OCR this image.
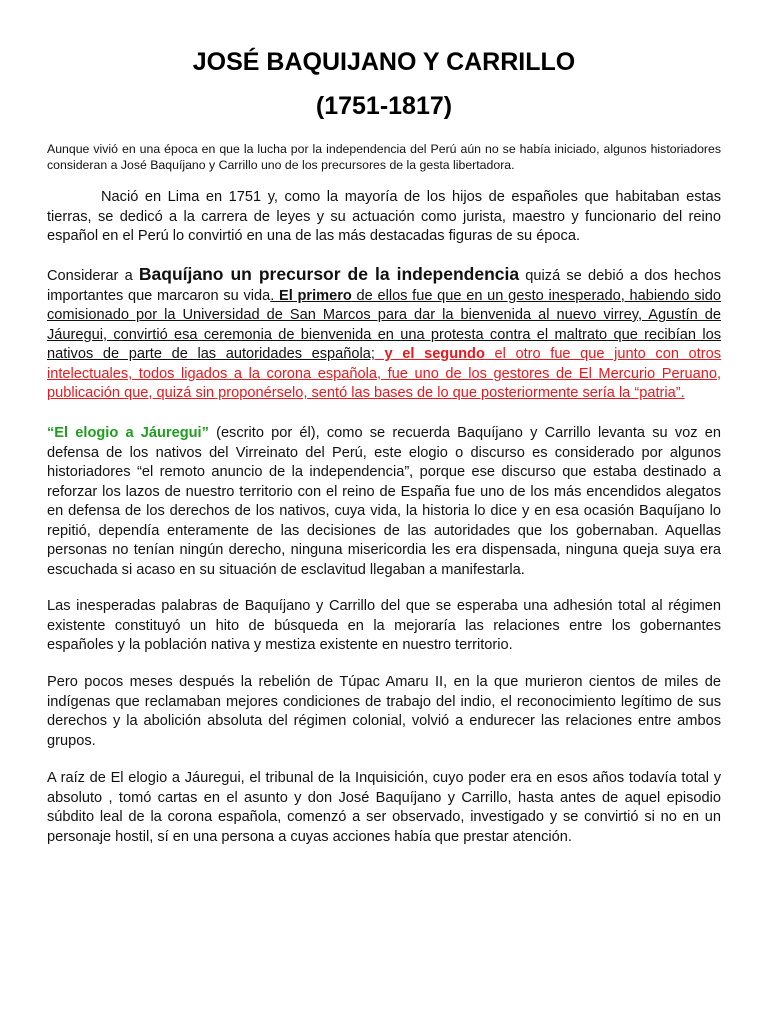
JOSÉ BAQUIJANO Y CARRILLO
(1751-1817)
Aunque vivió en una época en que la lucha por la independencia del Perú aún no se había iniciado, algunos historiadores consideran a José Baquíjano y Carrillo uno de los precursores de la gesta libertadora.
Nació en Lima en 1751 y, como la mayoría de los hijos de españoles que habitaban estas tierras, se dedicó a la carrera de leyes y su actuación como jurista, maestro y funcionario del reino español en el Perú lo convirtió en una de las más destacadas figuras de su época.
Considerar a Baquíjano un precursor de la independencia quizá se debió a dos hechos importantes que marcaron su vida. El primero de ellos fue que en un gesto inesperado, habiendo sido comisionado por la Universidad de San Marcos para dar la bienvenida al nuevo virrey, Agustín de Jáuregui, convirtió esa ceremonia de bienvenida en una protesta contra el maltrato que recibían los nativos de parte de las autoridades española; y el segundo el otro fue que junto con otros intelectuales, todos ligados a la corona española, fue uno de los gestores de El Mercurio Peruano, publicación que, quizá sin proponérselo, sentó las bases de lo que posteriormente sería la “patria”.
“El elogio a Jáuregui” (escrito por él), como se recuerda Baquíjano y Carrillo levanta su voz en defensa de los nativos del Virreinato del Perú, este elogio o discurso es considerado por algunos historiadores “el remoto anuncio de la independencia”, porque ese discurso que estaba destinado a reforzar los lazos de nuestro territorio con el reino de España fue uno de los más encendidos alegatos en defensa de los derechos de los nativos, cuya vida, la historia lo dice y en esa ocasión Baquíjano lo repitió, dependía enteramente de las decisiones de las autoridades que los gobernaban. Aquellas personas no tenían ningún derecho, ninguna misericordia les era dispensada, ninguna queja suya era escuchada si acaso en su situación de esclavitud llegaban a manifestarla.
Las inesperadas palabras de Baquíjano y Carrillo del que se esperaba una adhesión total al régimen existente constituyó un hito de búsqueda en la mejoraría las relaciones entre los gobernantes españoles y la población nativa y mestiza existente en nuestro territorio.
Pero pocos meses después la rebelión de Túpac Amaru II, en la que murieron cientos de miles de indígenas que reclamaban mejores condiciones de trabajo del indio, el reconocimiento legítimo de sus derechos y la abolición absoluta del régimen colonial, volvió a endurecer las relaciones entre ambos grupos.
A raíz de El elogio a Jáuregui, el tribunal de la Inquisición, cuyo poder era en esos años todavía total y absoluto , tomó cartas en el asunto y don José Baquíjano y Carrillo, hasta antes de aquel episodio súbdito leal de la corona española, comenzó a ser observado, investigado y se convirtió si no en un personaje hostil, sí en una persona a cuyas acciones había que prestar atención.
